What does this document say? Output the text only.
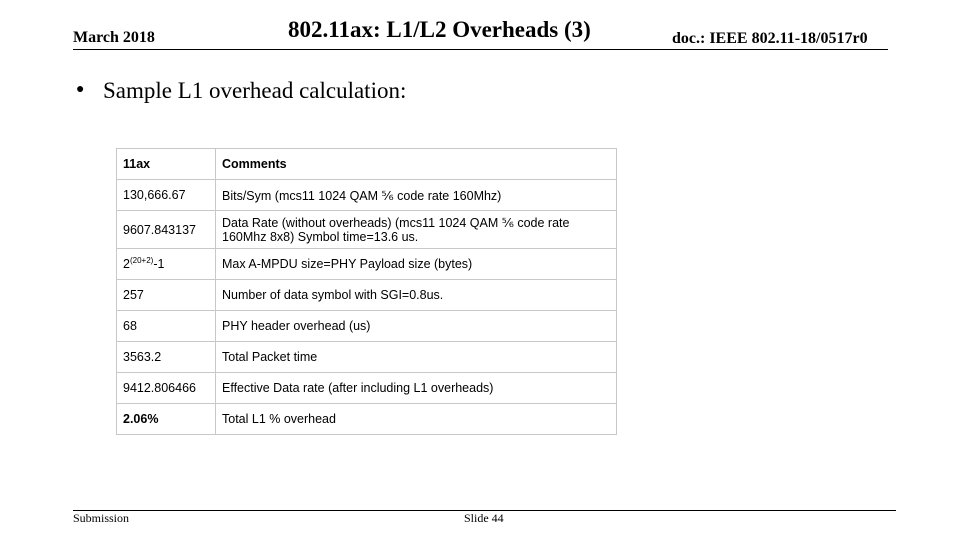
March 2018	802.11ax: L1/L2 Overheads (3)	doc.: IEEE 802.11-18/0517r0
● Sample L1 overhead calculation:
11ax	Comments
130,666.67	Bits/Sym (mcs11 1024 QAM ⅚ code rate 160Mhz)
9607.843137	Data Rate (without overheads) (mcs11 1024 QAM ⅚ code rate 160Mhz 8x8) Symbol time=13.6 us.
$2^{(20+2)}-1$	Max A-MPDU size=PHY Payload size (bytes)
257	Number of data symbol with SGI=0.8us.
68	PHY header overhead (us)
3563.2	Total Packet time
9412.806466	Effective Data rate (after including L1 overheads)
2.06%	Total L1 % overhead
Submission	Slide 44
